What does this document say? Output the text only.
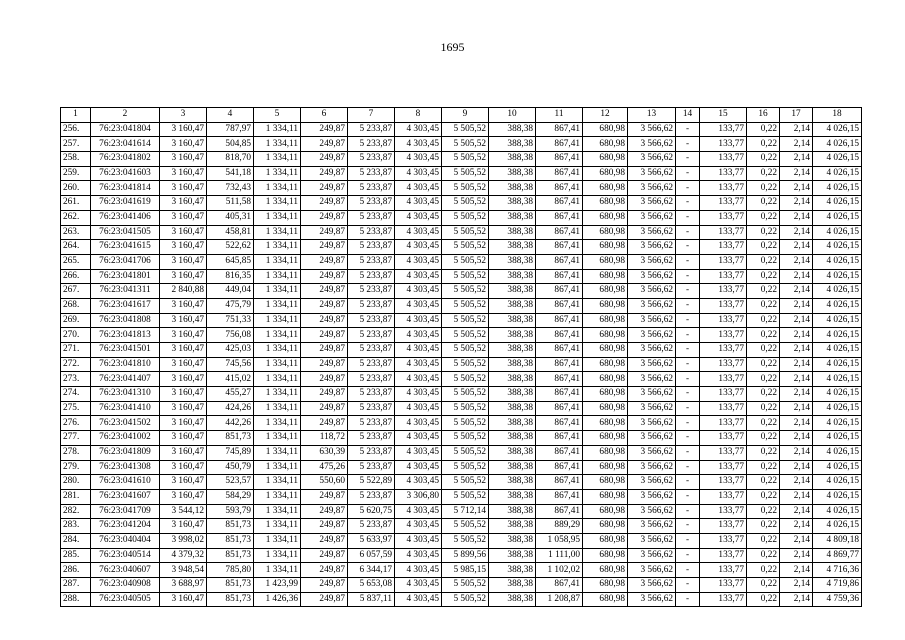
1695
1	2	3	4	5	6	7	8	9	10	11	12	13	14	15	16	17	18
256.	76:23:041804	3 160,47	787,97	1 334,11	249,87	5 233,87	4 303,45	5 505,52	388,38	867,41	680,98	3 566,62	-	133,77	0,22	2,14	4 026,15
257.	76:23:041614	3 160,47	504,85	1 334,11	249,87	5 233,87	4 303,45	5 505,52	388,38	867,41	680,98	3 566,62	-	133,77	0,22	2,14	4 026,15
258.	76:23:041802	3 160,47	818,70	1 334,11	249,87	5 233,87	4 303,45	5 505,52	388,38	867,41	680,98	3 566,62	-	133,77	0,22	2,14	4 026,15
259.	76:23:041603	3 160,47	541,18	1 334,11	249,87	5 233,87	4 303,45	5 505,52	388,38	867,41	680,98	3 566,62	-	133,77	0,22	2,14	4 026,15
260.	76:23:041814	3 160,47	732,43	1 334,11	249,87	5 233,87	4 303,45	5 505,52	388,38	867,41	680,98	3 566,62	-	133,77	0,22	2,14	4 026,15
261.	76:23:041619	3 160,47	511,58	1 334,11	249,87	5 233,87	4 303,45	5 505,52	388,38	867,41	680,98	3 566,62	-	133,77	0,22	2,14	4 026,15
262.	76:23:041406	3 160,47	405,31	1 334,11	249,87	5 233,87	4 303,45	5 505,52	388,38	867,41	680,98	3 566,62	-	133,77	0,22	2,14	4 026,15
263.	76:23:041505	3 160,47	458,81	1 334,11	249,87	5 233,87	4 303,45	5 505,52	388,38	867,41	680,98	3 566,62	-	133,77	0,22	2,14	4 026,15
264.	76:23:041615	3 160,47	522,62	1 334,11	249,87	5 233,87	4 303,45	5 505,52	388,38	867,41	680,98	3 566,62	-	133,77	0,22	2,14	4 026,15
265.	76:23:041706	3 160,47	645,85	1 334,11	249,87	5 233,87	4 303,45	5 505,52	388,38	867,41	680,98	3 566,62	-	133,77	0,22	2,14	4 026,15
266.	76:23:041801	3 160,47	816,35	1 334,11	249,87	5 233,87	4 303,45	5 505,52	388,38	867,41	680,98	3 566,62	-	133,77	0,22	2,14	4 026,15
267.	76:23:041311	2 840,88	449,04	1 334,11	249,87	5 233,87	4 303,45	5 505,52	388,38	867,41	680,98	3 566,62	-	133,77	0,22	2,14	4 026,15
268.	76:23:041617	3 160,47	475,79	1 334,11	249,87	5 233,87	4 303,45	5 505,52	388,38	867,41	680,98	3 566,62	-	133,77	0,22	2,14	4 026,15
269.	76:23:041808	3 160,47	751,33	1 334,11	249,87	5 233,87	4 303,45	5 505,52	388,38	867,41	680,98	3 566,62	-	133,77	0,22	2,14	4 026,15
270.	76:23:041813	3 160,47	756,08	1 334,11	249,87	5 233,87	4 303,45	5 505,52	388,38	867,41	680,98	3 566,62	-	133,77	0,22	2,14	4 026,15
271.	76:23:041501	3 160,47	425,03	1 334,11	249,87	5 233,87	4 303,45	5 505,52	388,38	867,41	680,98	3 566,62	-	133,77	0,22	2,14	4 026,15
272.	76:23:041810	3 160,47	745,56	1 334,11	249,87	5 233,87	4 303,45	5 505,52	388,38	867,41	680,98	3 566,62	-	133,77	0,22	2,14	4 026,15
273.	76:23:041407	3 160,47	415,02	1 334,11	249,87	5 233,87	4 303,45	5 505,52	388,38	867,41	680,98	3 566,62	-	133,77	0,22	2,14	4 026,15
274.	76:23:041310	3 160,47	455,27	1 334,11	249,87	5 233,87	4 303,45	5 505,52	388,38	867,41	680,98	3 566,62	-	133,77	0,22	2,14	4 026,15
275.	76:23:041410	3 160,47	424,26	1 334,11	249,87	5 233,87	4 303,45	5 505,52	388,38	867,41	680,98	3 566,62	-	133,77	0,22	2,14	4 026,15
276.	76:23:041502	3 160,47	442,26	1 334,11	249,87	5 233,87	4 303,45	5 505,52	388,38	867,41	680,98	3 566,62	-	133,77	0,22	2,14	4 026,15
277.	76:23:041002	3 160,47	851,73	1 334,11	118,72	5 233,87	4 303,45	5 505,52	388,38	867,41	680,98	3 566,62	-	133,77	0,22	2,14	4 026,15
278.	76:23:041809	3 160,47	745,89	1 334,11	630,39	5 233,87	4 303,45	5 505,52	388,38	867,41	680,98	3 566,62	-	133,77	0,22	2,14	4 026,15
279.	76:23:041308	3 160,47	450,79	1 334,11	475,26	5 233,87	4 303,45	5 505,52	388,38	867,41	680,98	3 566,62	-	133,77	0,22	2,14	4 026,15
280.	76:23:041610	3 160,47	523,57	1 334,11	550,60	5 522,89	4 303,45	5 505,52	388,38	867,41	680,98	3 566,62	-	133,77	0,22	2,14	4 026,15
281.	76:23:041607	3 160,47	584,29	1 334,11	249,87	5 233,87	3 306,80	5 505,52	388,38	867,41	680,98	3 566,62	-	133,77	0,22	2,14	4 026,15
282.	76:23:041709	3 544,12	593,79	1 334,11	249,87	5 620,75	4 303,45	5 712,14	388,38	867,41	680,98	3 566,62	-	133,77	0,22	2,14	4 026,15
283.	76:23:041204	3 160,47	851,73	1 334,11	249,87	5 233,87	4 303,45	5 505,52	388,38	889,29	680,98	3 566,62	-	133,77	0,22	2,14	4 026,15
284.	76:23:040404	3 998,02	851,73	1 334,11	249,87	5 633,97	4 303,45	5 505,52	388,38	1 058,95	680,98	3 566,62	-	133,77	0,22	2,14	4 809,18
285.	76:23:040514	4 379,32	851,73	1 334,11	249,87	6 057,59	4 303,45	5 899,56	388,38	1 111,00	680,98	3 566,62	-	133,77	0,22	2,14	4 869,77
286.	76:23:040607	3 948,54	785,80	1 334,11	249,87	6 344,17	4 303,45	5 985,15	388,38	1 102,02	680,98	3 566,62	-	133,77	0,22	2,14	4 716,36
287.	76:23:040908	3 688,97	851,73	1 423,99	249,87	5 653,08	4 303,45	5 505,52	388,38	867,41	680,98	3 566,62	-	133,77	0,22	2,14	4 719,86
288.	76:23:040505	3 160,47	851,73	1 426,36	249,87	5 837,11	4 303,45	5 505,52	388,38	1 208,87	680,98	3 566,62	-	133,77	0,22	2,14	4 759,36
